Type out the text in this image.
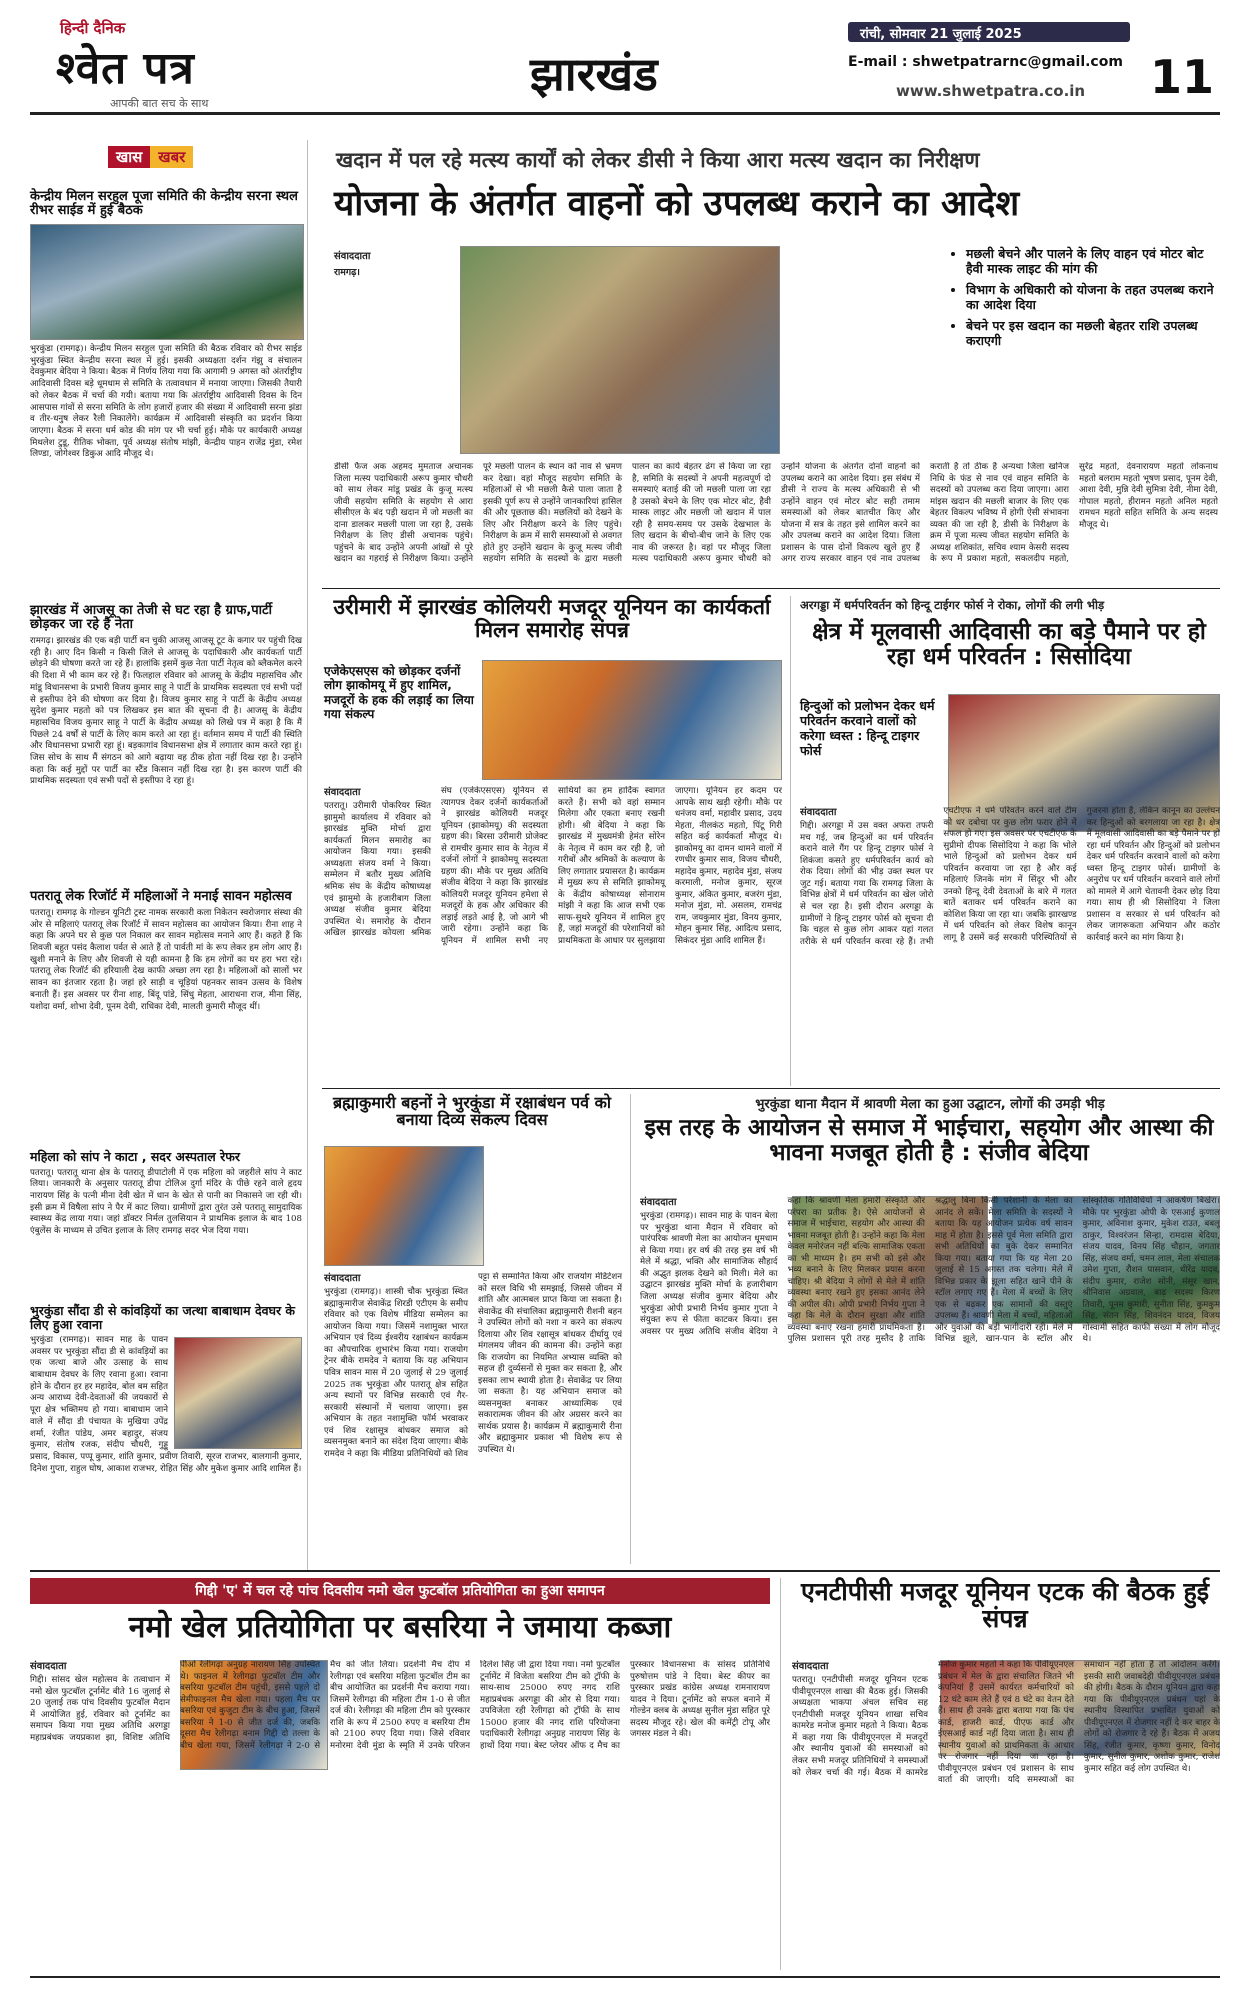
हिन्दी दैनिक
श्वेत पत्र
आपकी बात सच के साथ
झारखंड
रांची, सोमवार 21 जुलाई 2025
E-mail : shwetpatrarnc@gmail.com
www.shwetpatra.co.in 11
खास खबर
केन्द्रीय मिलन सरहुल पूजा समिति की केन्द्रीय सरना स्थल रीभर साईड में हुई बैठक
भुरकुंडा (रामगढ़)। केन्द्रीय मिलन सरहुल पूजा समिति की बैठक रविवार को रीभर साईड भुरकुंडा स्थित केन्द्रीय सरना स्थल में हुई। इसकी अध्यक्षता दर्शन गंझु व संचालन देवकुमार बेदिया ने किया। बैठक में निर्णय लिया गया कि आगामी 9 अगस्त को अंतर्राष्ट्रीय आदिवासी दिवस बड़े धूमधाम से समिति के तत्वावधान में मनाया जाएगा। जिसकी तैयारी को लेकर बैठक में चर्चा की गयी। बताया गया कि अंतर्राष्ट्रीय आदिवासी दिवस के दिन आसपास गांवों से सरना समिति के लोग हजारों हजार की संख्या में आदिवासी सरना झंडा व तीर-धनुष लेकर रैली निकालेंगे। कार्यक्रम में आदिवासी संस्कृति का प्रदर्शन किया जाएगा। बैठक में सरना धर्म कोड की मांग पर भी चर्चा हुई। मौके पर कार्यकारी अध्यक्ष मिथलेश टुडू, रीतिक भोक्ता, पूर्व अध्यक्ष संतोष मांझी, केन्द्रीय पाहन राजेंद्र मुंडा, रमेश लिण्डा, जोगेश्वर डिकुअ आदि मौजूद थे।
झारखंड में आजसू का तेजी से घट रहा है ग्राफ,पार्टी छोड़कर जा रहे हैं नेता
रामगढ़। झारखंड की एक बड़ी पार्टी बन चुकी आजसू आजसू टूट के कगार पर पहुंची दिख रही है। आए दिन किसी न किसी जिले से आजसू के पदाधिकारी और कार्यकर्ता पार्टी छोड़ने की घोषणा करते जा रहे हैं। हालांकि इसमें कुछ नेता पार्टी नेतृत्व को ब्लैकमेल करने की दिशा में भी काम कर रहे हैं। फिलहाल रविवार को आजसू के केंद्रीय महासचिव और मांडू विधानसभा के प्रभारी विजय कुमार साहू ने पार्टी के प्राथमिक सदस्यता एवं सभी पदों से इस्तीफा देने की घोषणा कर दिया है। विजय कुमार साहू ने पार्टी के केंद्रीय अध्यक्ष सुदेश कुमार महतो को पत्र लिखकर इस बात की सूचना दी है। आजसू के केंद्रीय महासचिव विजय कुमार साहू ने पार्टी के केंद्रीय अध्यक्ष को लिखे पत्र में कहा है कि मैं पिछले 24 वर्षों से पार्टी के लिए काम करते आ रहा हूं। वर्तमान समय में पार्टी की स्थिति और विधानसभा प्रभारी रहा हूं। बड़कागांव विधानसभा क्षेत्र में लगातार काम करते रहा हूं। जिस सोच के साथ मैं संगठन को आगे बढ़ाया वह ठीक होता नहीं दिख रहा है। उन्होंने कहा कि कई मुद्दों पर पार्टी का स्टैंड किसान नहीं दिख रहा है। इस कारण पार्टी की प्राथमिक सदस्यता एवं सभी पदों से इस्तीफा दे रहा हूं।
पतरातू लेक रिजॉर्ट में महिलाओं ने मनाई सावन महोत्सव
पतरातू। रामगढ़ के गोल्डन यूनिटी ट्रस्ट नामक सरकारी कला निकेतन स्वरोजगार संस्था की ओर से महिलाएं पतरातू लेक रिजॉर्ट में सावन महोत्सव का आयोजन किया। रीना शाह ने कहा कि अपने घर से कुछ पल निकाल कर सावन महोत्सव मनाने आए हैं। कहते हैं कि शिवजी बहुत पसंद कैलाश पर्वत से आते हैं तो पार्वती मां के रूप लेकर हम लोग आए हैं। खुशी मनाने के लिए और शिवजी से यही कामना है कि हम लोगों का घर हरा भरा रहे। पतरातू लेक रिजॉर्ट की हरियाली देख काफी अच्छा लग रहा है। महिलाओं को सालों भर सावन का इंतजार रहता है। जहां हरे साड़ी व चूड़ियां पहनकर सावन उत्सव के विशेष बनाती हैं। इस अवसर पर रीना शाह, बिंदू पांडे, सिंधु मेहता, आराधना राज, मीना सिंह, यशोदा वर्मा, शोभा देवी, पूनम देवी, राधिका देवी, मालती कुमारी मौजूद थीं।
महिला को सांप ने काटा , सदर अस्पताल रेफर
पतरातू। पतरातू थाना क्षेत्र के पतरातू डीपाटोली में एक महिला को जहरीले सांप ने काट लिया। जानकारी के अनुसार पतरातू डीपा टोलिअ दुर्गा मंदिर के पीछे रहने वाले हृदय नारायण सिंह के पत्नी मीना देवी खेत में धान के खेत से पानी का निकासने जा रही थी। इसी क्रम में विषैला सांप ने पैर में काट लिया। ग्रामीणों द्वारा तुरंत उसे पतरातू सामुदायिक स्वास्थ्य केंद्र लाया गया। जहां डॉक्टर निर्मल तुलसियान ने प्राथमिक इलाज के बाद 108 एंबुलेंस के माध्यम से उचित इलाज के लिए रामगढ़ सदर भेज दिया गया।
भुरकुंडा सौंदा डी से कांवड़ियों का जत्था बाबाधाम देवघर के लिए हुआ रवाना
भुरकुंडा (रामगढ़)। सावन माह के पावन अवसर पर भुरकुंडा सौंदा डी से कांवड़ियों का एक जत्था बाजे और उत्साह के साथ बाबाधाम देवघर के लिए रवाना हुआ। रवाना होने के दौरान हर हर महादेव, बोल बम सहित अन्य आराध्य देवी-देवताओं की जयकारों से पूरा क्षेत्र भक्तिमय हो गया। बाबाधाम जाने वाले में सौंदा डी पंचायत के मुखिया उपेंद्र शर्मा, रंजीत पांडेय, अमर बहादुर, संजय कुमार, संतोष रजक, संदीप चौधरी, गुड्डू प्रसाद, विकास, पप्पू कुमार, शांति कुमार, प्रवीण तिवारी, सूरज राजभर, बालगानी कुमार, दिनेश गुप्ता, राहुल घोष, आकाश राजभर, रोहित सिंह और मुकेश कुमार आदि शामिल हैं।
खदान में पल रहे मत्स्य कार्यों को लेकर डीसी ने किया आरा मत्स्य खदान का निरीक्षण
योजना के अंतर्गत वाहनों को उपलब्ध कराने का आदेश
• मछली बेचने और पालने के लिए वाहन एवं मोटर बोट हैवी मास्क लाइट की मांग की
• विभाग के अधिकारी को योजना के तहत उपलब्ध कराने का आदेश दिया
• बेचने पर इस खदान का मछली बेहतर राशि उपलब्ध कराएगी
संवाददाता
रामगढ़।
डीसी फैज अक अहमद मुमताज अचानक जिला मत्स्य पदाधिकारी अरूप कुमार चौधरी को साथ लेकर मांडू प्रखंड के कुजू मत्स्य जीवी सहयोग समिति के सहयोग से आरा सीसीएल के बंद पड़ी खदान में जो मछली का दाना डालकर मछली पाला जा रहा है, उसके निरीक्षण के लिए डीसी अचानक पहुंचे। पहुंचने के बाद उन्होंने अपनी आंखों से पूरे खदान का गहराई से निरीक्षण किया। उन्होंने पूरे मछली पालन के स्थान को नाव से भ्रमण कर देखा। वहां मौजूद सहयोग समिति के महिलाओं से भी मछली कैसे पाला जाता है इसकी पूर्ण रूप से उन्होंने जानकारियां हासिल की और पूछताछ की। मछलियों को देखने के लिए और निरीक्षण करने के लिए पहुंचे। निरीक्षण के क्रम में सारी समस्याओं से अवगत होते हुए उन्होंने खदान के कुजू मत्स्य जीवी सहयोग समिति के सदस्यों के द्वारा मछली पालन का कार्य बेहतर ढंग से किया जा रहा है, समिति के सदस्यों ने अपनी महत्वपूर्ण दो समस्याएं बताई की जो मछली पाला जा रहा है उसको बेचने के लिए एक मोटर बोट, हैवी मास्क लाइट और मछली जो खदान में पाल रही है समय-समय पर उसके देखभाल के लिए खदान के बीचो-बीच जाने के लिए एक नाव की जरूरत है। वहां पर मौजूद जिला मत्स्य पदाधिकारी अरूप कुमार चौधरी को उन्होंने योजना के अंतर्गत दोनों वाहनों को उपलब्ध कराने का आदेश दिया। इस संबंध में डीसी ने राज्य के मत्स्य अधिकारी से भी उन्होंने वाहन एवं मोटर बोट सही तमाम समस्याओं को लेकर बातचीत किए और योजना में सत्र के तहत इसे शामिल करने का और उपलब्ध कराने का आदेश दिया। जिला प्रशासन के पास दोनों विकल्प खुले हुए हैं अगर राज्य सरकार वाहन एवं नाव उपलब्ध कराती है तो ठीक है अन्यथा जिला खनिज निधि के फंड से नाव एवं वाहन समिति के सदस्यों को उपलब्ध करा दिया जाएगा। आरा मांइस खदान की मछली बाजार के लिए एक बेहतर विकल्प भविष्य में होगी ऐसी संभावना व्यक्त की जा रही है, डीसी के निरीक्षण के क्रम में पूजा मत्स्य जीवत सहयोग समिति के अध्यक्ष शशिकांत, सचिव श्याम केसरी सदस्य के रूप में प्रकाश महतो, सकलदीप महतो, सुरेंद्र महतो, देवनारायण महतो लोकनाथ महतो बलराम महतो भूषण प्रसाद, पूनम देवी, आशा देवी, मुन्नि देवी सुमित्रा देवी, नीमा देवी, गोपाल महतो, हीरामन महतो अनिल महतो रामधन महतो सहित समिति के अन्य सदस्य मौजूद थे।
उरीमारी में झारखंड कोलियरी मजदूर यूनियन का कार्यकर्ता मिलन समारोह संपन्न
एजेकेएसएस को छोड़कर दर्जनों लोग झाकोमयू में हुए शामिल, मजदूरों के हक की लड़ाई का लिया गया संकल्प
संवाददाता
पतरातू। उरीमारी पोकरियर स्थित झामुमो कार्यालय में रविवार को झारखंड मुक्ति मोर्चा द्वारा कार्यकर्ता मिलन समारोह का आयोजन किया गया। इसकी अध्यक्षता संजय वर्मा ने किया। सम्मेलन में बतौर मुख्य अतिथि श्रमिक संघ के केंद्रीय कोषाध्यक्ष एवं झामुमो के हजारीबाग जिला अध्यक्ष संजीव कुमार बेदिया उपस्थित थे। समारोह के दौरान अखिल झारखंड कोयला श्रमिक संघ (एजेकेएसएस) यूनियन से त्यागपत्र देकर दर्जनों कार्यकर्ताओं ने झारखंड कोलियरी मजदूर यूनियन (झाकोमयू) की सदस्यता ग्रहण की। बिरसा उरीमारी प्रोजेक्ट से रामचीर कुमार साव के नेतृत्व में दर्जनों लोगों ने झाकोमयू सदस्यता ग्रहण की। मौके पर मुख्य अतिथि संजीव बेदिया ने कहा कि झारखंड कोलियरी मजदूर यूनियन हमेशा से मजदूरों के हक और अधिकार की लड़ाई लड़ते आई है, जो आगे भी जारी रहेगा। उन्होंने कहा कि यूनियन में शामिल सभी नए साथियों का हम हार्दिक स्वागत करते हैं। सभी को वहां सम्मान मिलेगा और एकता बनाए रखनी होगी। श्री बेदिया ने कहा कि झारखंड में मुख्यमंत्री हेमंत सोरेन के नेतृत्व में काम कर रही है, जो गरीबों और श्रमिकों के कल्याण के लिए लगातार प्रयासरत है। कार्यक्रम में मुख्य रूप से समिति झाकोमयू के केंद्रीय कोषाध्यक्ष सोनाराम मांझी ने कहा कि आज सभी एक साफ-सुथरे यूनियन में शामिल हुए हैं, जहां मजदूरों की परेशानियों को प्राथमिकता के आधार पर सुलझाया जाएगा। यूनियन हर कदम पर आपके साथ खड़ी रहेगी। मौके पर धनंजय वर्मा, महावीर प्रसाद, उदय मेहता, नीलकंठ महतो, पिंटू गिरी सहित कई कार्यकर्ता मौजूद थे। झाकोमयू का दामन थामने वालों में रणधीर कुमार साव, विजय चौधरी, महादेव कुमार, महादेव मुंडा, संजय करमाली, मनोज कुमार, सूरज कुमार, अंकित कुमार, बजरंग मुंडा, मनोज मुंडा, मो. असलम, रामचंद्र राम, जयकुमार मुंडा, विनय कुमार, मोहन कुमार सिंह, आदित्य प्रसाद, सिकंदर मुंडा आदि शामिल हैं।
अरगड्डा में धर्मपरिवर्तन को हिन्दू टाईगर फोर्स ने रोका, लोगों की लगी भीड़
क्षेत्र में मूलवासी आदिवासी का बड़े पैमाने पर हो रहा धर्म परिवर्तन : सिसोदिया
हिन्दुओं को प्रलोभन देकर धर्म परिवर्तन करवाने वालों को करेगा ध्वस्त : हिन्दू टाइगर फोर्स
संवाददाता
गिद्दी। अरगड्डा में उस वक्त अफरा तफरी मच गई, जब हिन्दुओं का धर्म परिवर्तन कराने वाले गैंग पर हिन्दू टाइगर फोर्स ने शिकंजा कसते हुए धर्मपरिवर्तन कार्य को रोक दिया। लोगों की भीड़ उक्त स्थल पर जुट गई। बताया गया कि रामगढ़ जिला के विभिन्न क्षेत्रों में धर्म परिवर्तन का खेल जोरो से चल रहा है। इसी दौरान अरगड्डा के ग्रामीणों ने हिन्दू टाइगर फोर्स को सूचना दी कि चहल से कुछ लोग आकर यहां गलत तरीके से धर्म परिवर्तन करवा रहे हैं। तभी एचटीएफ ने धर्म परिवर्तन करने वाले टीम को धर दबोचा पर कुछ लोग फरार होने में सफल हो गए। इस अवसर पर एचटीएफ के सुप्रीमो दीपक सिसोदिया ने कहा कि भोले भाले हिन्दुओं को प्रलोभन देकर धर्म परिवर्तन करवाया जा रहा है और कई महिलाएं जिनके मांग में सिंदूर भी और उनको हिन्दू देवी देवताओं के बारे में गलत बातें बताकर धर्म परिवर्तन कराने का कोशिश किया जा रहा था। जबकि झारखण्ड में धर्म परिवर्तन को लेकर विशेष कानून लागू है उसमें कई सरकारी परिस्थितियों से गुजरना होता है, लेकिन कानून का उल्लंघन कर हिन्दुओं को बरगलाया जा रहा है। क्षेत्र में मूलवासी आदिवासी का बड़े पैमाने पर हो रहा धर्म परिवर्तन और हिन्दुओं को प्रलोभन देकर धर्म परिवर्तन करवाने वालों को करेगा ध्वस्त हिन्दू टाइगर फोर्स। ग्रामीणों के अनुरोध पर धर्म परिवर्तन करवाने वाले लोगों को मामले में आगे चेतावनी देकर छोड़ दिया गया। साथ ही श्री सिसोदिया ने जिला प्रशासन व सरकार से धर्म परिवर्तन को लेकर जागरूकता अभियान और कठोर कार्रवाई करने का मांग किया है।
ब्रह्माकुमारी बहनों ने भुरकुंडा में रक्षाबंधन पर्व को बनाया दिव्य संकल्प दिवस
संवाददाता
भुरकुंडा (रामगढ़)। शास्त्री चौक भुरकुंडा स्थित ब्रह्माकुमारीज सेवाकेंद्र शिरडी एटीएम के समीप रविवार को एक विशेष मीडिया सम्मेलन का आयोजन किया गया। जिसमें नशामुक्त भारत अभियान एवं दिव्य ईश्वरीय रक्षाबंधन कार्यक्रम का औपचारिक शुभारंभ किया गया। राजयोग ट्रेनर बीके रामदेव ने बताया कि यह अभियान पवित्र सावन मास में 20 जुलाई से 29 जुलाई 2025 तक भुरकुंडा और पतरातू क्षेत्र सहित अन्य स्थानों पर विभिन्न सरकारी एवं गैर-सरकारी संस्थानों में चलाया जाएगा। इस अभियान के तहत नशामुक्ति फॉर्म भरवाकर एवं शिव रक्षासूत्र बांधकर समाज को व्यसनमुक्त बनाने का संदेश दिया जाएगा। बीके रामदेव ने कहा कि मीडिया प्रतिनिधियों को शिव पट्टा से सम्मानित किया और राजयोग मेडिटेशन को सरल विधि भी समझाई, जिससे जीवन में शांति और आत्मबल प्राप्त किया जा सकता है। सेवाकेंद्र की संचालिका ब्रह्माकुमारी रीशनी बहन ने उपस्थित लोगों को नशा न करने का संकल्प दिलाया और शिव रक्षासूत्र बांधकर दीर्घायु एवं मंगलमय जीवन की कामना की। उन्होंने कहा कि राजयोग का नियमित अभ्यास व्यक्ति को सहज ही दुर्व्यसनों से मुक्त कर सकता है, और इसका लाभ स्थायी होता है। सेवाकेंद्र पर लिया जा सकता है। यह अभियान समाज को व्यसनमुक्त बनाकर आध्यात्मिक एवं सकारात्मक जीवन की ओर अग्रसर करने का सार्थक प्रयास है। कार्यक्रम में ब्रह्माकुमारी रीना और ब्रह्माकुमार प्रकाश भी विशेष रूप से उपस्थित थे।
भुरकुंडा थाना मैदान में श्रावणी मेला का हुआ उद्घाटन, लोगों की उमड़ी भीड़
इस तरह के आयोजन से समाज में भाईचारा, सहयोग और आस्था की भावना मजबूत होती है : संजीव बेदिया
संवाददाता
भुरकुंडा (रामगढ़)। सावन माह के पावन बेला पर भुरकुंडा थाना मैदान में रविवार को पारंपरिक श्रावणी मेला का आयोजन धूमधाम से किया गया। हर वर्ष की तरह इस वर्ष भी मेले में श्रद्धा, भक्ति और सामाजिक सौहार्द की अद्भुत झलक देखने को मिली। मेले का उद्घाटन झारखंड मुक्ति मोर्चा के हजारीबाग जिला अध्यक्ष संजीव कुमार बेदिया और भुरकुंडा ओपी प्रभारी निर्भय कुमार गुप्ता ने संयुक्त रूप से फीता काटकर किया। इस अवसर पर मुख्य अतिथि संजीव बेदिया ने कहा कि श्रावणी मेला हमारी संस्कृति और परंपरा का प्रतीक है। ऐसे आयोजनों से समाज में भाईचारा, सहयोग और आस्था की भावना मजबूत होती है। उन्होंने कहा कि मेला केवल मनोरंजन नहीं बल्कि सामाजिक एकता का भी माध्यम है। हम सभी को इसे और भव्य बनाने के लिए मिलकर प्रयास करना चाहिए। श्री बेदिया ने लोगों से मेले में शांति व्यवस्था बनाए रखने हुए इसका आनंद लेने की अपील की। ओपी प्रभारी निर्भय गुप्ता ने कहा कि मेले के दौरान सुरक्षा और शांति व्यवस्था बनाए रखना हमारी प्राथमिकता है। पुलिस प्रशासन पूरी तरह मुस्तैद है ताकि श्रद्धालु बिना किसी परेशानी के मेला का आनंद ले सकें। मेला समिति के सदस्यों ने बताया कि यह आयोजन प्रत्येक वर्ष सावन माह में होता है। इससे पूर्व मेला समिति द्वारा सभी अतिथियों का बुके देकर सम्मानित किया गया। बताया गया कि यह मेला 20 जुलाई से 15 अगस्त तक चलेगा। मेले में विभिन्न प्रकार के झूला सहित खाने पीने के स्टॉल लगाए गए हैं। मेला में बच्चों के लिए एक से बढ़कर एक सामानों की वस्तुएं उपलब्ध हैं। श्रावणी मेला में बच्चों, महिलाओं और युवाओं की बड़ी भागीदारी रही। मेले में विभिन्न झूले, खान-पान के स्टॉल और सांस्कृतिक गतिविधियों ने आकर्षण बिखेरा। मौके पर भुरकुंडा ओपी के एसआई कुणाल कुमार, अविनाश कुमार, मुकेश राउत, बबलू ठाकुर, विश्वरंजन सिन्हा, रामदास बेदिया, संजय यादव, विनय सिंह चौहान, जगतार सिंह, संजय वर्मा, चमन लाल, मेला संचालक उमेश गुप्ता, रौशन पासवान, धीरेंद्र यादव, संदीप कुमार, राजेश सोनी, मंसूर खान, श्रीनिवास अग्रवाल, बाढ़ सदस्य किरण तिवारी, पूनम कुमारी, सुनीता सिंह, कुमकुम सिंह, संतन सिंह, शिवनंदन यादव, विजय गोस्वामी सहित काफी संख्या में लोग मौजूद थे।
गिद्दी 'ए' में चल रहे पांच दिवसीय नमो खेल फुटबॉल प्रतियोगिता का हुआ समापन
नमो खेल प्रतियोगिता पर बसरिया ने जमाया कब्जा
संवाददाता
गिद्दी। सांसद खेल महोत्सव के तत्वाधान में नमो खेल फुटबॉल टूर्नामेंट बीते 16 जुलाई से 20 जुलाई तक पांच दिवसीय फुटबॉल मैदान में आयोजित हुई, रविवार को टूर्नामेंट का समापन किया गया मुख्य अतिथि अरगड्डा महाप्रबंधक जयप्रकाश झा, विशिष्ट अतिथि पीओ रेलीगढ़ा अनुग्रह नारायण सिंह उपस्थित थे। फाइनल में रेलीगढ़ा फुटबॉल टीम और बसरिया फुटबॉल टीम पहुंची, इससे पहले दो सेमीफाइनल मैच खेला गया। पहला मैच पर बसरिया एवं कुजुटा टीम के बीच हुआ, जिसमें बसरिया ने 1-0 से जीत दर्ज की, जबकि दूसरा मैच रेलीगढ़ा बनाम गिद्दी दो तल्ला के बीच खेला गया, जिसमें रेलीगढ़ा ने 2-0 से मैच को जीत लिया। प्रदर्शनी मैच दीप में रेलीगढ़ा एवं बसरिया महिला फुटबॉल टीम का बीच आयोजित का प्रदर्शनी मैच कराया गया। जिसमें रेलीगढ़ा की महिला टीम 1-0 से जीत दर्ज की। रेलीगढ़ा की महिला टीम को पुरस्कार राशि के रूप में 2500 रुपए व बसरिया टीम को 2100 रुपए दिया गया। जिसे रविवार मनोरमा देवी मुंडा के स्मृति में उनके परिजन दिलेश सिंह जी द्वारा दिया गया। नमो फुटबॉल टूर्नामेंट में विजेता बसरिया टीम को ट्रॉफी के साथ-साथ 25000 रुपए नगद राशि महाप्रबंधक अरगड्डा की ओर से दिया गया। उपविजेता रही रेलीगढ़ा को ट्रॉफी के साथ 15000 हजार की नगद राशि परियोजना पदाधिकारी रेलीगढ़ा अनुग्रह नारायण सिंह के हाथों दिया गया। बेस्ट प्लेयर ऑफ द मैच का पुरस्कार विधानसभा के सांसद प्रतिनिधि पुरुषोत्तम पांडे ने दिया। बेस्ट कीपर का पुरस्कार प्रखंड कांग्रेस अध्यक्ष रामनारायण यादव ने दिया। टूर्नामेंट को सफल बनाने में गोल्डेन क्लब के अध्यक्ष सुनील मुंडा सहित पूरे सदस्य मौजूद रहे। खेल की कमेंट्री टोपू और जगसर मंडल ने की।
एनटीपीसी मजदूर यूनियन एटक की बैठक हुई संपन्न
संवाददाता
पतरातू। एनटीपीसी मजदूर यूनियन एटक पीवीयूएनएल शाखा की बैठक हुई। जिसकी अध्यक्षता भाकपा अंचल सचिव सह एनटीपीसी मजदूर यूनियन शाखा सचिव कामरेड मनोज कुमार महतो ने किया। बैठक में कहा गया कि पीवीयूएनएल में मजदूरों और स्थानीय युवाओं की समस्याओं को लेकर सभी मजदूर प्रतिनिधियों ने समस्याओं को लेकर चर्चा की गई। बैठक में कामरेड मनोज कुमार महतो ने कहा कि पीवीयूएनएल प्रबंधन में मेल के द्वारा संचालित जितने भी कंपनियां हैं उसमें कार्यरत कर्मचारियों को 12 घंटे काम लेते हैं एवं 8 घंटे का वेतन देते हैं। साथ ही उनके द्वारा बताया गया कि पंच कार्ड, हाजरी कार्ड, पीएफ कार्ड और ईएसआई कार्ड नहीं दिया जाता है। साथ ही स्थानीय युवाओं को प्राथमिकता के आधार पर रोजगार नहीं दिया जा रहा है। पीवीयूएनएल प्रबंधन एवं प्रशासन के साथ वार्ता की जाएगी। यदि समस्याओं का समाधान नहीं होता है तो आंदोलन करेंगे। इसकी सारी जवाबदेही पीवीयूएनएल प्रबंधन की होगी। बैठक के दौरान यूनियन द्वारा कहा गया कि पीवीयूएनएल प्रबंधन यहां के स्थानीय विस्थापित प्रभावित युवाओं को पीवीयूएनएल में रोजगार नहीं दे कर बाहर के लोगों को रोजगार दे रहे हैं। बैठक में अजय सिंह, रंजीत कुमार, कृष्णा कुमार, विनोद कुमार, सुनील कुमार, अशोक कुमार, राजेश कुमार सहित कई लोग उपस्थित थे।
